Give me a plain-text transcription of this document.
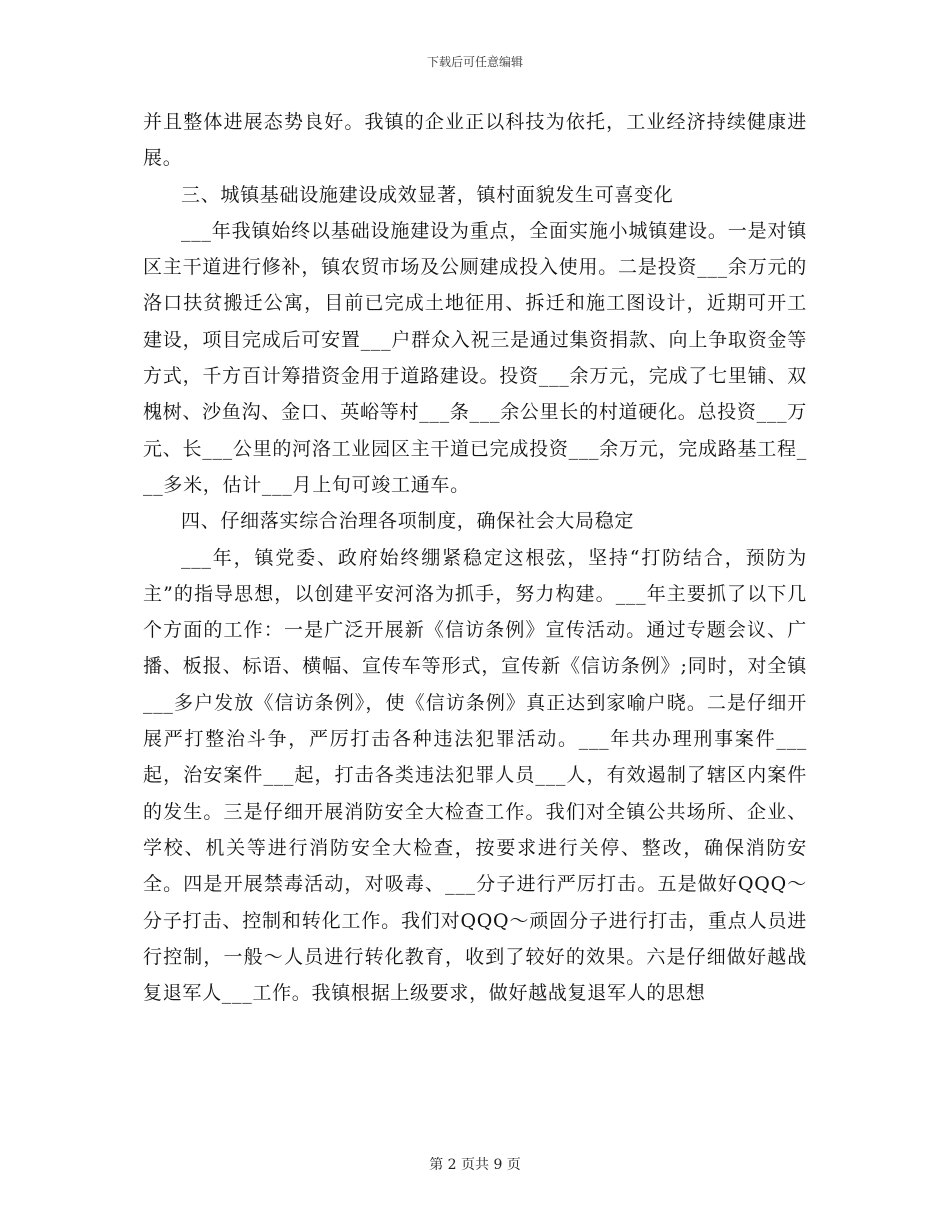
下载后可任意编辑

并且整体进展态势良好。我镇的企业正以科技为依托，工业经济持续健康进展。

三、城镇基础设施建设成效显著，镇村面貌发生可喜变化

___年我镇始终以基础设施建设为重点，全面实施小城镇建设。一是对镇区主干道进行修补，镇农贸市场及公厕建成投入使用。二是投资___余万元的洛口扶贫搬迁公寓，目前已完成土地征用、拆迁和施工图设计，近期可开工建设，项目完成后可安置___户群众入祝三是通过集资捐款、向上争取资金等方式，千方百计筹措资金用于道路建设。投资___余万元，完成了七里铺、双槐树、沙鱼沟、金口、英峪等村___条___余公里长的村道硬化。总投资___万元、长___公里的河洛工业园区主干道已完成投资___余万元，完成路基工程___多米，估计___月上旬可竣工通车。

四、仔细落实综合治理各项制度，确保社会大局稳定

___年，镇党委、政府始终绷紧稳定这根弦，坚持“打防结合，预防为主”的指导思想，以创建平安河洛为抓手，努力构建。___年主要抓了以下几个方面的工作：一是广泛开展新《信访条例》宣传活动。通过专题会议、广播、板报、标语、横幅、宣传车等形式，宣传新《信访条例》;同时，对全镇___多户发放《信访条例》，使《信访条例》真正达到家喻户晓。二是仔细开展严打整治斗争，严厉打击各种违法犯罪活动。___年共办理刑事案件___起，治安案件___起，打击各类违法犯罪人员___人，有效遏制了辖区内案件的发生。三是仔细开展消防安全大检查工作。我们对全镇公共场所、企业、学校、机关等进行消防安全大检查，按要求进行关停、整改，确保消防安全。四是开展禁毒活动，对吸毒、___分子进行严厉打击。五是做好QQQ～分子打击、控制和转化工作。我们对QQQ～顽固分子进行打击，重点人员进行控制，一般～人员进行转化教育，收到了较好的效果。六是仔细做好越战复退军人___工作。我镇根据上级要求，做好越战复退军人的思想

第 2 页共 9 页
